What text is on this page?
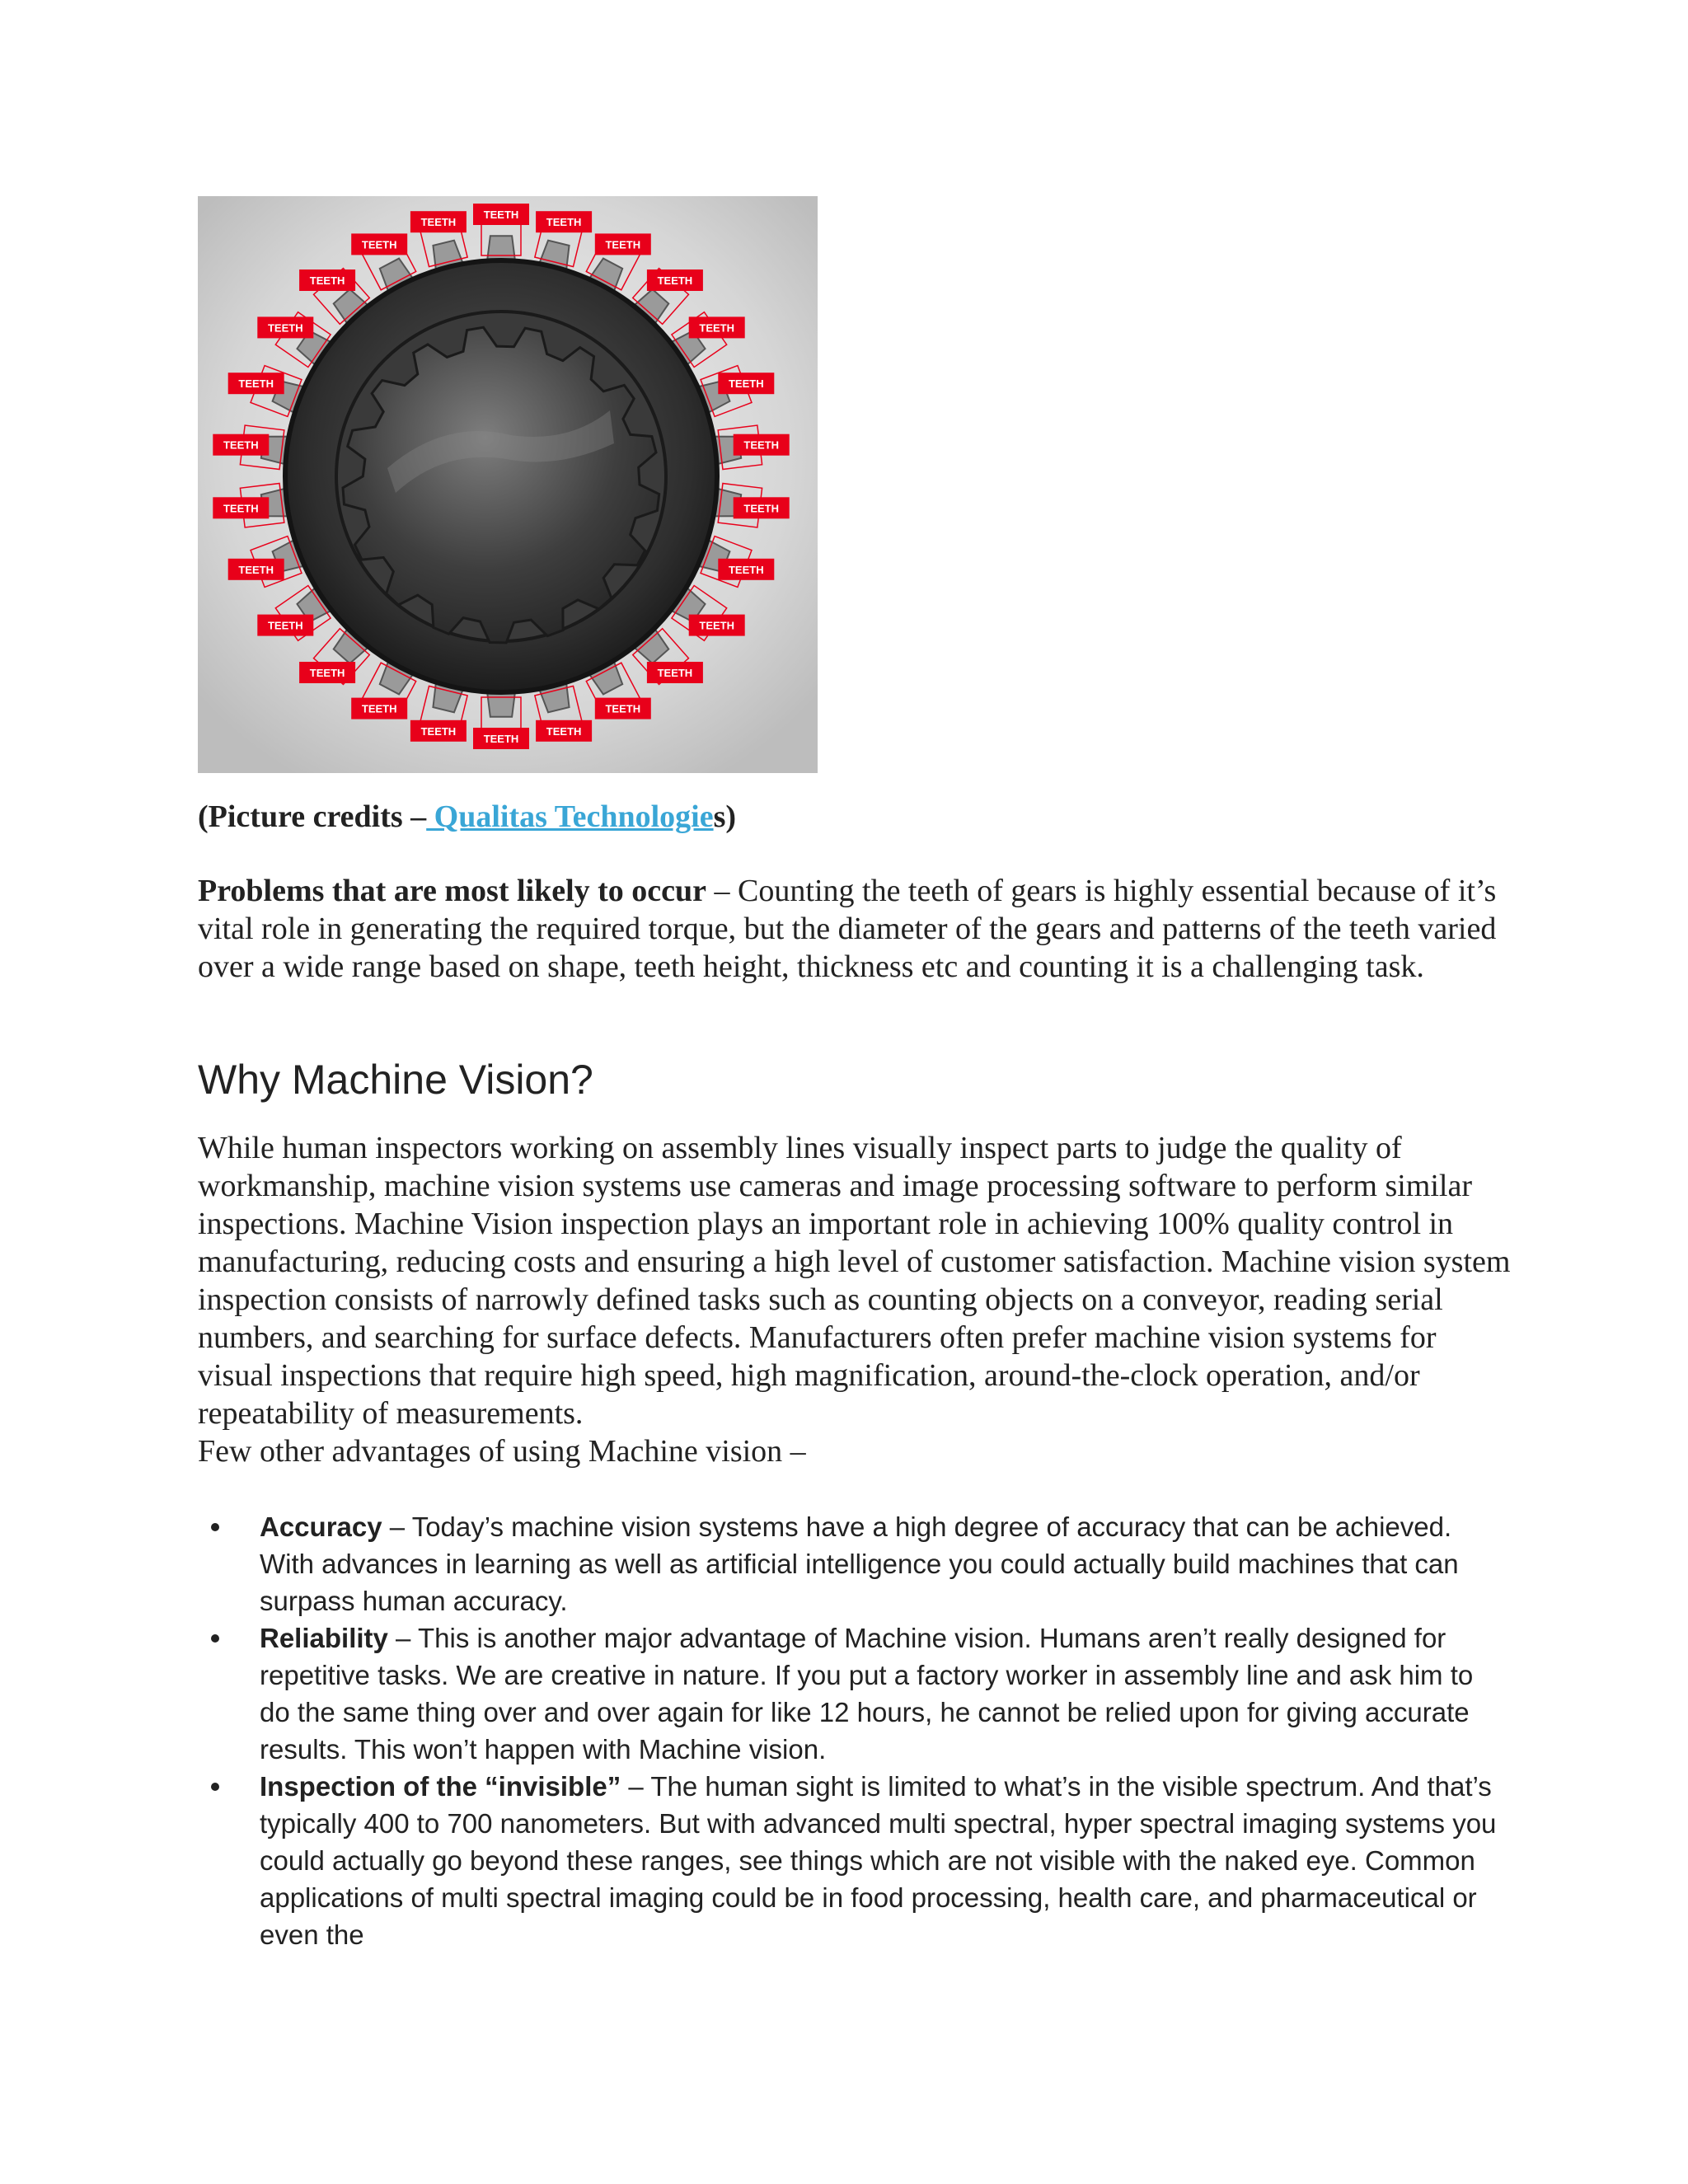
TEETH
TEETH
TEETH
TEETH
TEETH
TEETH
TEETH
TEETH
TEETH
TEETH
TEETH
TEETH
TEETH
TEETH
TEETH
TEETH
TEETH
TEETH
TEETH
TEETH
TEETH
TEETH
TEETH
TEETH
TEETH
TEETH
(Picture credits – Qualitas Technologies)
Problems that are most likely to occur – Counting the teeth of gears is highly essential because of it’s vital role in generating the required torque, but the diameter of the gears and patterns of the teeth varied over a wide range based on shape, teeth height, thickness etc and counting it is a challenging task.
Why Machine Vision?

While human inspectors working on assembly lines visually inspect parts to judge the quality of workmanship, machine vision systems use cameras and image processing software to perform similar inspections. Machine Vision inspection plays an important role in achieving 100% quality control in manufacturing, reducing costs and ensuring a high level of customer satisfaction. Machine vision system inspection consists of narrowly defined tasks such as counting objects on a conveyor, reading serial numbers, and searching for surface defects. Manufacturers often prefer machine vision systems for visual inspections that require high speed, high magnification, around-the-clock operation, and/or repeatability of measurements.

Few other advantages of using Machine vision –

Accuracy – Today’s machine vision systems have a high degree of accuracy that can be achieved. With advances in learning as well as artificial intelligence you could actually build machines that can surpass human accuracy.
Reliability – This is another major advantage of Machine vision. Humans aren’t really designed for repetitive tasks. We are creative in nature. If you put a factory worker in assembly line and ask him to do the same thing over and over again for like 12 hours, he cannot be relied upon for giving accurate results. This won’t happen with Machine vision.
Inspection of the “invisible” – The human sight is limited to what’s in the visible spectrum. And that’s typically 400 to 700 nanometers. But with advanced multi spectral, hyper spectral imaging systems you could actually go beyond these ranges, see things which are not visible with the naked eye. Common applications of multi spectral imaging could be in food processing, health care, and pharmaceutical or even the
